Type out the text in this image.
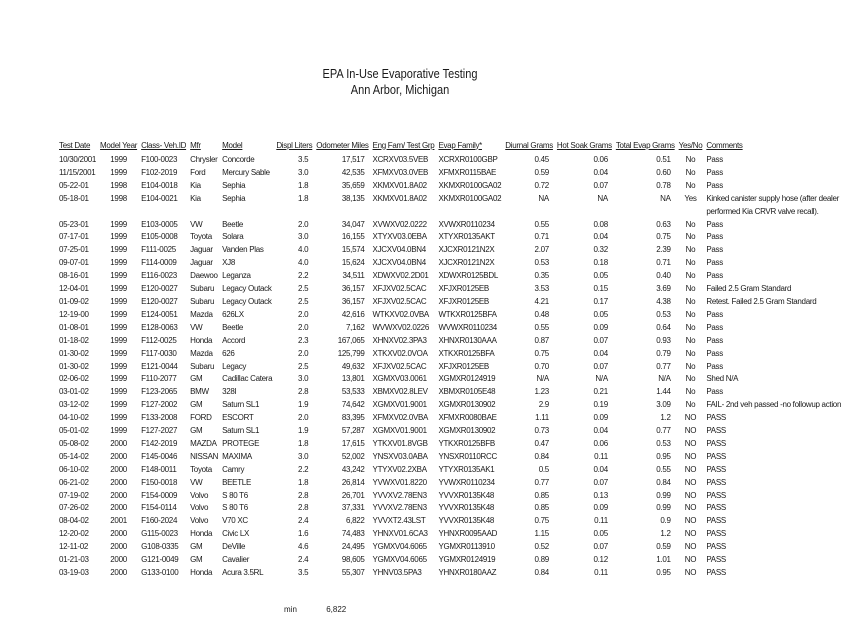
EPA In-Use Evaporative Testing
Ann Arbor, Michigan
Test Date	Model Year	Class- Veh.ID	Mfr	Model	Displ Liters	Odometer Miles	Eng Fam/ Test Grp	Evap Family*	Diurnal Grams	Hot Soak Grams	Total Evap Grams	Yes/No	Comments
10/30/2001	1999	F100-0023	Chrysler	Concorde	3.5	17,517	XCRXV03.5VEB	XCRXR0100GBP	0.45	0.06	0.51	No	Pass
11/15/2001	1999	F102-2019	Ford	Mercury Sable	3.0	42,535	XFMXV03.0VEB	XFMXR0115BAE	0.59	0.04	0.60	No	Pass
05-22-01	1998	E104-0018	Kia	Sephia	1.8	35,659	XKMXV01.8A02	XKMXR0100GA02	0.72	0.07	0.78	No	Pass
05-18-01	1998	E104-0021	Kia	Sephia	1.8	38,135	XKMXV01.8A02	XKMXR0100GA02	NA	NA	NA	Yes	Kinked canister supply hose (after dealer performed Kia CRVR valve recall).
05-23-01	1999	E103-0005	VW	Beetle	2.0	34,047	XVWXV02.0222	XVWXR0110234	0.55	0.08	0.63	No	Pass
07-17-01	1999	E105-0008	Toyota	Solara	3.0	16,155	XTYXV03.0EBA	XTYXR0135AKT	0.71	0.04	0.75	No	Pass
07-25-01	1999	F111-0025	Jaguar	Vanden Plas	4.0	15,574	XJCXV04.0BN4	XJCXR0121N2X	2.07	0.32	2.39	No	Pass
09-07-01	1999	F114-0009	Jaguar	XJ8	4.0	15,624	XJCXV04.0BN4	XJCXR0121N2X	0.53	0.18	0.71	No	Pass
08-16-01	1999	E116-0023	Daewoo	Leganza	2.2	34,511	XDWXV02.2D01	XDWXR0125BDL	0.35	0.05	0.40	No	Pass
12-04-01	1999	E120-0027	Subaru	Legacy Outack	2.5	36,157	XFJXV02.5CAC	XFJXR0125EB	3.53	0.15	3.69	No	Failed 2.5 Gram Standard
01-09-02	1999	E120-0027	Subaru	Legacy Outack	2.5	36,157	XFJXV02.5CAC	XFJXR0125EB	4.21	0.17	4.38	No	Retest. Failed 2.5 Gram Standard
12-19-00	1999	E124-0051	Mazda	626LX	2.0	42,616	WTKXV02.0VBA	WTKXR0125BFA	0.48	0.05	0.53	No	Pass
01-08-01	1999	E128-0063	VW	Beetle	2.0	7,162	WVWXV02.0226	WVWXR0110234	0.55	0.09	0.64	No	Pass
01-18-02	1999	F112-0025	Honda	Accord	2.3	167,065	XHNXV02.3PA3	XHNXR0130AAA	0.87	0.07	0.93	No	Pass
01-30-02	1999	F117-0030	Mazda	626	2.0	125,799	XTKXV02.0VOA	XTKXR0125BFA	0.75	0.04	0.79	No	Pass
01-30-02	1999	E121-0044	Subaru	Legacy	2.5	49,632	XFJXV02.5CAC	XFJXR0125EB	0.70	0.07	0.77	No	Pass
02-06-02	1999	F110-2077	GM	Cadillac Catera	3.0	13,801	XGMXV03.0061	XGMXR0124919	N/A	N/A	N/A	No	Shed N/A
03-01-02	1999	F123-2065	BMW	328I	2.8	53,533	XBMXV02.8LEV	XBMXR0105E48	1.23	0.21	1.44	No	Pass
03-12-02	1999	F127-2002	GM	Saturn SL1	1.9	74,642	XGMXV01.9001	XGMXR0130902	2.9	0.19	3.09	No	FAIL- 2nd veh passed -no followup action
04-10-02	1999	F133-2008	FORD	ESCORT	2.0	83,395	XFMXV02.0VBA	XFMXR0080BAE	1.11	0.09	1.2	NO	PASS
05-01-02	1999	F127-2027	GM	Saturn SL1	1.9	57,287	XGMXV01.9001	XGMXR0130902	0.73	0.04	0.77	NO	PASS
05-08-02	2000	F142-2019	MAZDA	PROTEGE	1.8	17,615	YTKXV01.8VGB	YTKXR0125BFB	0.47	0.06	0.53	NO	PASS
05-14-02	2000	F145-0046	NISSAN	MAXIMA	3.0	52,002	YNSXV03.0ABA	YNSXR0110RCC	0.84	0.11	0.95	NO	PASS
06-10-02	2000	F148-0011	Toyota	Camry	2.2	43,242	YTYXV02.2XBA	YTYXR0135AK1	0.5	0.04	0.55	NO	PASS
06-21-02	2000	F150-0018	VW	BEETLE	1.8	26,814	YVWXV01.8220	YVWXR0110234	0.77	0.07	0.84	NO	PASS
07-19-02	2000	F154-0009	Volvo	S 80 T6	2.8	26,701	YVVXV2.78EN3	YVVXR0135K48	0.85	0.13	0.99	NO	PASS
07-26-02	2000	F154-0114	Volvo	S 80 T6	2.8	37,331	YVVXV2.78EN3	YVVXR0135K48	0.85	0.09	0.99	NO	PASS
08-04-02	2001	F160-2024	Volvo	V70 XC	2.4	6,822	YVVXT2.43LST	YVVXR0135K48	0.75	0.11	0.9	NO	PASS
12-20-02	2000	G115-0023	Honda	Civic LX	1.6	74,483	YHNXV01.6CA3	YHNXR0095AAD	1.15	0.05	1.2	NO	PASS
12-11-02	2000	G108-0335	GM	DeVille	4.6	24,495	YGMXV04.6065	YGMXR0113910	0.52	0.07	0.59	NO	PASS
01-21-03	2000	G121-0049	GM	Cavalier	2.4	98,605	YGMXV04.6065	YGMXR0124919	0.89	0.12	1.01	NO	PASS
03-19-03	2000	G133-0100	Honda	Acura 3.5RL	3.5	55,307	YHNV03.5PA3	YHNXR0180AAZ	0.84	0.11	0.95	NO	PASS
min	6,822
